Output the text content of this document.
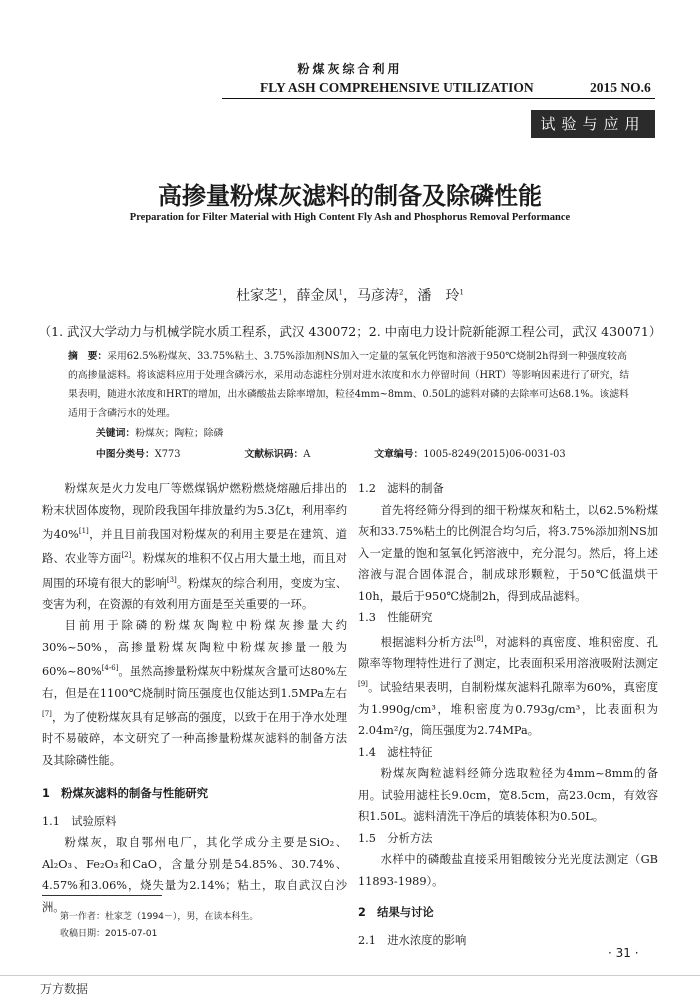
粉煤灰综合利用
FLY ASH COMPREHENSIVE UTILIZATION	2015 NO.6
试验与应用
高掺量粉煤灰滤料的制备及除磷性能
Preparation for Filter Material with High Content Fly Ash and Phosphorus Removal Performance
杜家芝$^1$，薛金凤$^1$，马彦涛$^2$，潘　玲$^1$
（1. 武汉大学动力与机械学院水质工程系，武汉 430072；2. 中南电力设计院新能源工程公司，武汉 430071）
摘　要：采用62.5%粉煤灰、33.75%粘土、3.75%添加剂NS加入一定量的氢氧化钙饱和溶液于950℃烧制2h得到一种强度较高的高掺量滤料。将该滤料应用于处理含磷污水，采用动态滤柱分别对进水浓度和水力停留时间（HRT）等影响因素进行了研究，结果表明，随进水浓度和HRT的增加，出水磷酸盐去除率增加，粒径4mm~8mm、0.50L的滤料对磷的去除率可达68.1%。该滤料适用于含磷污水的处理。
关键词：粉煤灰；陶粒；除磷
中图分类号：X773	文献标识码：A	文章编号：1005-8249(2015)06-0031-03

粉煤灰是火力发电厂等燃煤锅炉燃粉燃烧熔融后排出的粉末状固体废物，现阶段我国年排放量约为5.3亿t，利用率约为40%[1]，并且目前我国对粉煤灰的利用主要是在建筑、道路、农业等方面[2]。粉煤灰的堆积不仅占用大量土地，而且对周围的环境有很大的影响[3]。粉煤灰的综合利用，变废为宝、变害为利，在资源的有效利用方面是至关重要的一环。

目前用于除磷的粉煤灰陶粒中粉煤灰掺量大约30%~50%，高掺量粉煤灰陶粒中粉煤灰掺量一般为60%~80%[4-6]。虽然高掺量粉煤灰中粉煤灰含量可达80%左右，但是在1100℃烧制时筒压强度也仅能达到1.5MPa左右[7]，为了使粉煤灰具有足够高的强度，以致于在用于净水处理时不易破碎，本文研究了一种高掺量粉煤灰滤料的制备方法及其除磷性能。

1　粉煤灰滤料的制备与性能研究
1.1　试验原料

粉煤灰，取自鄂州电厂，其化学成分主要是SiO₂、Al₂O₃、Fe₂O₃和CaO，含量分别是54.85%、30.74%、4.57%和3.06%，烧失量为2.14%；粘土，取自武汉白沙洲。

第一作者：杜家芝（1994－），男，在读本科生。
收稿日期：2015-07-01
1.2　滤料的制备

首先将经筛分得到的细干粉煤灰和粘土，以62.5%粉煤灰和33.75%粘土的比例混合均匀后，将3.75%添加剂NS加入一定量的饱和氢氧化钙溶液中，充分混匀。然后，将上述溶液与混合固体混合，制成球形颗粒，于50℃低温烘干10h，最后于950℃烧制2h，得到成品滤料。

1.3　性能研究

根据滤料分析方法[8]，对滤料的真密度、堆积密度、孔隙率等物理特性进行了测定，比表面积采用溶液吸附法测定[9]。试验结果表明，自制粉煤灰滤料孔隙率为60%，真密度为1.990g/cm³，堆积密度为0.793g/cm³，比表面积为2.04m²/g，筒压强度为2.74MPa。

1.4　滤柱特征

粉煤灰陶粒滤料经筛分选取粒径为4mm~8mm的备用。试验用滤柱长9.0cm，宽8.5cm，高23.0cm，有效容积1.50L。滤料清洗干净后的填装体积为0.50L。

1.5　分析方法

水样中的磷酸盐直接采用钼酸铵分光光度法测定（GB 11893-1989）。

2　结果与讨论
2.1　进水浓度的影响
· 31 ·
万方数据
